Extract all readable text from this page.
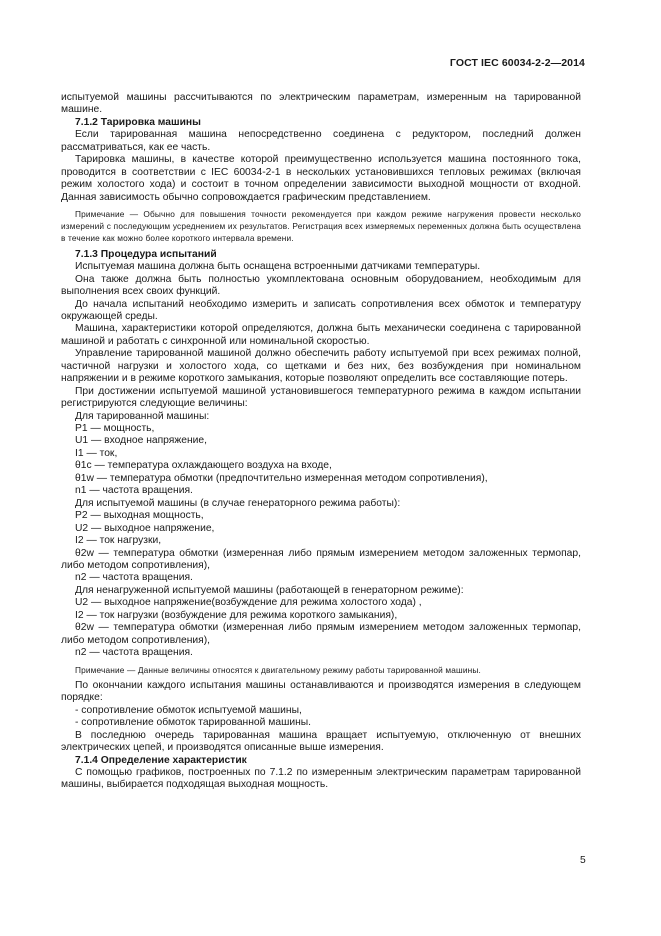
ГОСТ IEC 60034-2-2—2014

испытуемой машины рассчитываются по электрическим параметрам, измеренным на тарированной машине.

7.1.2 Тарировка машины

Если тарированная машина непосредственно соединена с редуктором, последний должен рассматриваться, как ее часть.

Тарировка машины, в качестве которой преимущественно используется машина постоянного тока, проводится в соответствии с IEC 60034-2-1 в нескольких установившихся тепловых режимах (включая режим холостого хода) и состоит в точном определении зависимости выходной мощности от входной. Данная зависимость обычно сопровождается графическим представлением.

Примечание — Обычно для повышения точности рекомендуется при каждом режиме нагружения провести несколько измерений с последующим усреднением их результатов. Регистрация всех измеряемых переменных должна быть осуществлена в течение как можно более короткого интервала времени.

7.1.3 Процедура испытаний

Испытуемая машина должна быть оснащена встроенными датчиками температуры.

Она также должна быть полностью укомплектована основным оборудованием, необходимым для выполнения всех своих функций.

До начала испытаний необходимо измерить и записать сопротивления всех обмоток и температуру окружающей среды.

Машина, характеристики которой определяются, должна быть механически соединена с тарированной машиной и работать с синхронной или номинальной скоростью.

Управление тарированной машиной должно обеспечить работу испытуемой при всех режимах полной, частичной нагрузки и холостого хода, со щетками и без них, без возбуждения при номинальном напряжении и в режиме короткого замыкания, которые позволяют определить все составляющие потерь.

При достижении испытуемой машиной установившегося температурного режима в каждом испытании регистрируются следующие величины:

Для тарированной машины:

P1 — мощность,

U1 — входное напряжение,

I1 — ток,

θ1c — температура охлаждающего воздуха на входе,

θ1w — температура обмотки (предпочтительно измеренная методом сопротивления),

n1 — частота вращения.

Для испытуемой машины (в случае генераторного режима работы):

P2 — выходная мощность,

U2 — выходное напряжение,

I2 — ток нагрузки,

θ2w — температура обмотки (измеренная либо прямым измерением методом заложенных термопар, либо методом сопротивления),

n2 — частота вращения.

Для ненагруженной испытуемой машины (работающей в генераторном режиме):

U2 — выходное напряжение(возбуждение для режима холостого хода) ,

I2 — ток нагрузки (возбуждение для режима короткого замыкания),

θ2w — температура обмотки (измеренная либо прямым измерением методом заложенных термопар, либо методом сопротивления),

n2 — частота вращения.

Примечание — Данные величины относятся к двигательному режиму работы тарированной машины.

По окончании каждого испытания машины останавливаются и производятся измерения в следующем порядке:

- сопротивление обмоток испытуемой машины,

- сопротивление обмоток тарированной машины.

В последнюю очередь тарированная машина вращает испытуемую, отключенную от внешних электрических цепей, и производятся описанные выше измерения.

7.1.4 Определение характеристик

С помощью графиков, построенных по 7.1.2 по измеренным электрическим параметрам тарированной машины, выбирается подходящая выходная мощность.

5
